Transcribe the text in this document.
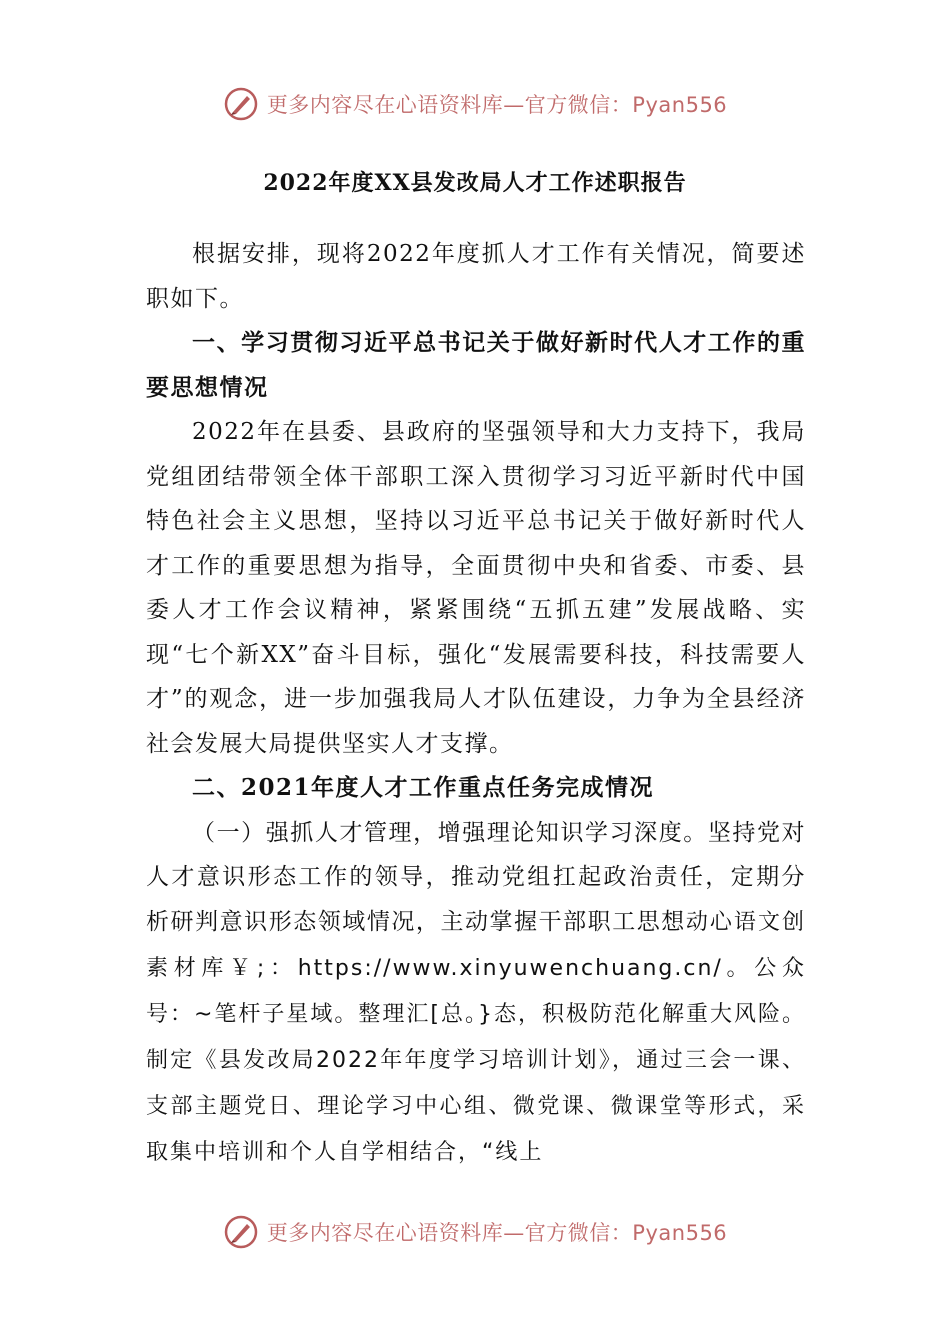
更多内容尽在心语资料库—官方微信：Pyan556
2022年度XX县发改局人才工作述职报告

根据安排，现将2022年度抓人才工作有关情况，简要述职如下。

一、学习贯彻习近平总书记关于做好新时代人才工作的重要思想情况

2022年在县委、县政府的坚强领导和大力支持下，我局党组团结带领全体干部职工深入贯彻学习习近平新时代中国特色社会主义思想，坚持以习近平总书记关于做好新时代人才工作的重要思想为指导，全面贯彻中央和省委、市委、县委人才工作会议精神，紧紧围绕“五抓五建”发展战略、实现“七个新XX”奋斗目标，强化“发展需要科技，科技需要人才”的观念，进一步加强我局人才队伍建设，力争为全县经济社会发展大局提供坚实人才支撑。

二、2021年度人才工作重点任务完成情况

（一）强抓人才管理，增强理论知识学习深度。坚持党对人才意识形态工作的领导，推动党组扛起政治责任，定期分析研判意识形态领域情况，主动掌握干部职工思想动心语文创素材库￥;：https://www.xinyuwenchuang.cn/。公众号：~笔杆子星域。整理汇[总。}态，积极防范化解重大风险。制定《县发改局2022年年度学习培训计划》，通过三会一课、支部主题党日、理论学习中心组、微党课、微课堂等形式，采取集中培训和个人自学相结合，“线上

更多内容尽在心语资料库—官方微信：Pyan556
